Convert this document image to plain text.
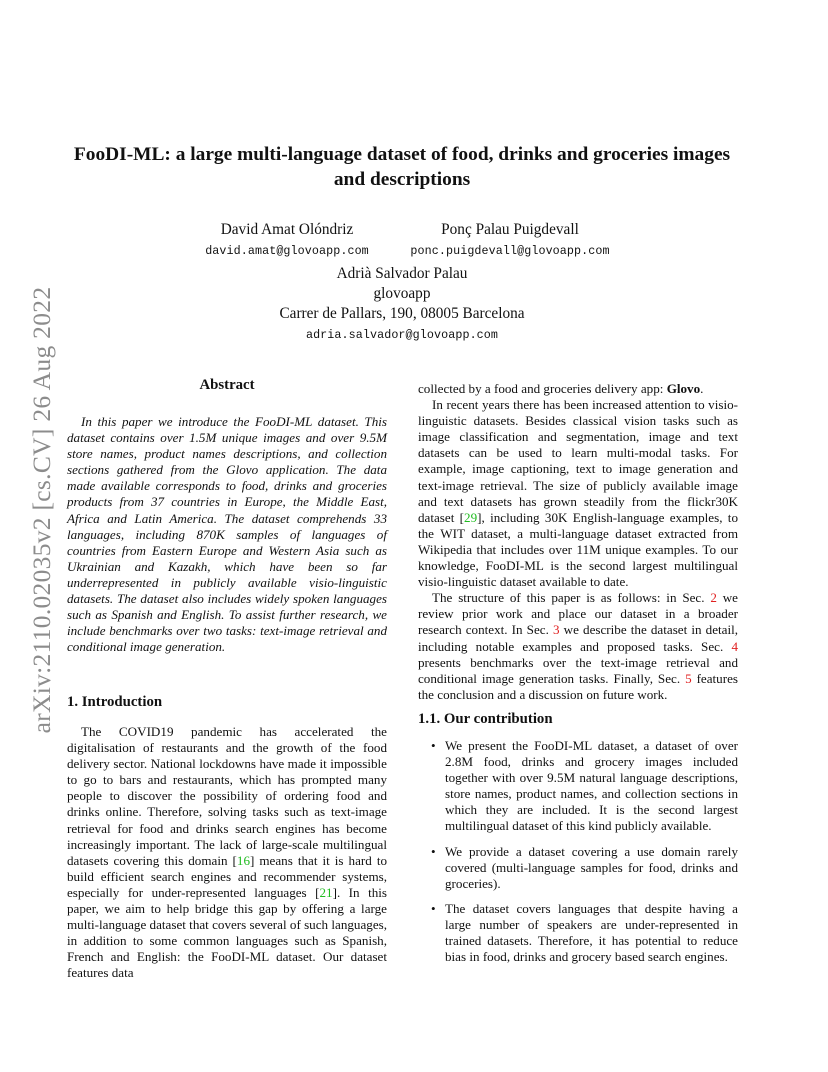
arXiv:2110.02035v2 [cs.CV] 26 Aug 2022
FooDI-ML: a large multi-language dataset of food, drinks and groceries images and descriptions
David Amat Olóndriz
david.amat@glovoapp.com
Ponç Palau Puigdevall
ponc.puigdevall@glovoapp.com
Adrià Salvador Palau
glovoapp
Carrer de Pallars, 190, 08005 Barcelona
adria.salvador@glovoapp.com
Abstract

In this paper we introduce the FooDI-ML dataset. This dataset contains over 1.5M unique images and over 9.5M store names, product names descriptions, and collection sections gathered from the Glovo application. The data made available corresponds to food, drinks and groceries products from 37 countries in Europe, the Middle East, Africa and Latin America. The dataset comprehends 33 languages, including 870K samples of languages of countries from Eastern Europe and Western Asia such as Ukrainian and Kazakh, which have been so far underrepresented in publicly available visio-linguistic datasets. The dataset also includes widely spoken languages such as Spanish and English. To assist further research, we include benchmarks over two tasks: text-image retrieval and conditional image generation.

1. Introduction

The COVID19 pandemic has accelerated the digitalisation of restaurants and the growth of the food delivery sector. National lockdowns have made it impossible to go to bars and restaurants, which has prompted many people to discover the possibility of ordering food and drinks online. Therefore, solving tasks such as text-image retrieval for food and drinks search engines has become increasingly important. The lack of large-scale multilingual datasets covering this domain [16] means that it is hard to build efficient search engines and recommender systems, especially for under-represented languages [21]. In this paper, we aim to help bridge this gap by offering a large multi-language dataset that covers several of such languages, in addition to some common languages such as Spanish, French and English: the FooDI-ML dataset. Our dataset features data

collected by a food and groceries delivery app: Glovo.

In recent years there has been increased attention to visio-linguistic datasets. Besides classical vision tasks such as image classification and segmentation, image and text datasets can be used to learn multi-modal tasks. For example, image captioning, text to image generation and text-image retrieval. The size of publicly available image and text datasets has grown steadily from the flickr30K dataset [29], including 30K English-language examples, to the WIT dataset, a multi-language dataset extracted from Wikipedia that includes over 11M unique examples. To our knowledge, FooDI-ML is the second largest multilingual visio-linguistic dataset available to date.

The structure of this paper is as follows: in Sec. 2 we review prior work and place our dataset in a broader research context. In Sec. 3 we describe the dataset in detail, including notable examples and proposed tasks. Sec. 4 presents benchmarks over the text-image retrieval and conditional image generation tasks. Finally, Sec. 5 features the conclusion and a discussion on future work.

1.1. Our contribution
• We present the FooDI-ML dataset, a dataset of over 2.8M food, drinks and grocery images included together with over 9.5M natural language descriptions, store names, product names, and collection sections in which they are included. It is the second largest multilingual dataset of this kind publicly available.
• We provide a dataset covering a use domain rarely covered (multi-language samples for food, drinks and groceries).
• The dataset covers languages that despite having a large number of speakers are under-represented in trained datasets. Therefore, it has potential to reduce bias in food, drinks and grocery based search engines.
